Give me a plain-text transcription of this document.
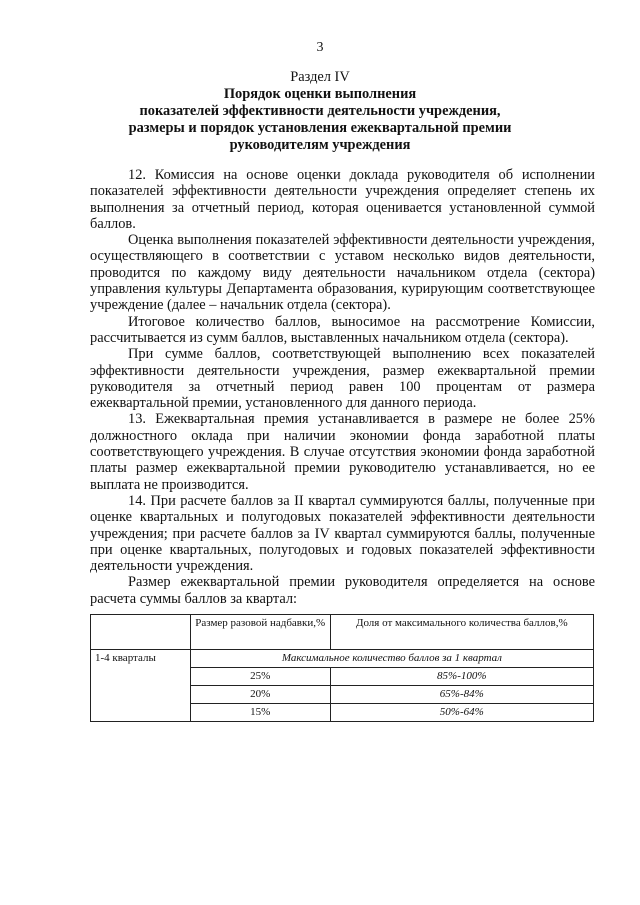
3
Раздел IV
Порядок оценки выполнения
показателей эффективности деятельности учреждения,
размеры и порядок установления ежеквартальной премии
руководителям учреждения

12. Комиссия на основе оценки доклада руководителя об исполнении показателей эффективности деятельности учреждения определяет степень их выполнения за отчетный период, которая оценивается установленной суммой баллов.

Оценка выполнения показателей эффективности деятельности учреждения, осуществляющего в соответствии с уставом несколько видов деятельности, проводится по каждому виду деятельности начальником отдела (сектора) управления культуры Департамента образования, курирующим соответствующее учреждение (далее – начальник отдела (сектора).

Итоговое количество баллов, выносимое на рассмотрение Комиссии, рассчитывается из сумм баллов, выставленных начальником отдела (сектора).

При сумме баллов, соответствующей выполнению всех показателей эффективности деятельности учреждения, размер ежеквартальной премии руководителя за отчетный период равен 100 процентам от размера ежеквартальной премии, установленного для данного периода.

13. Ежеквартальная премия устанавливается в размере не более 25% должностного оклада при наличии экономии фонда заработной платы соответствующего учреждения. В случае отсутствия экономии фонда заработной платы размер ежеквартальной премии руководителю устанавливается, но ее выплата не производится.

14. При расчете баллов за II квартал суммируются баллы, полученные при оценке квартальных и полугодовых показателей эффективности деятельности учреждения; при расчете баллов за IV квартал суммируются баллы, полученные при оценке квартальных, полугодовых и годовых показателей эффективности деятельности учреждения.

Размер ежеквартальной премии руководителя определяется на основе расчета суммы баллов за квартал:

	Размер разовой надбавки,%	Доля от максимального количества баллов,%
1-4 кварталы	Максимальное количество баллов за 1 квартал	
	25%	85%-100%
	20%	65%-84%
	15%	50%-64%
